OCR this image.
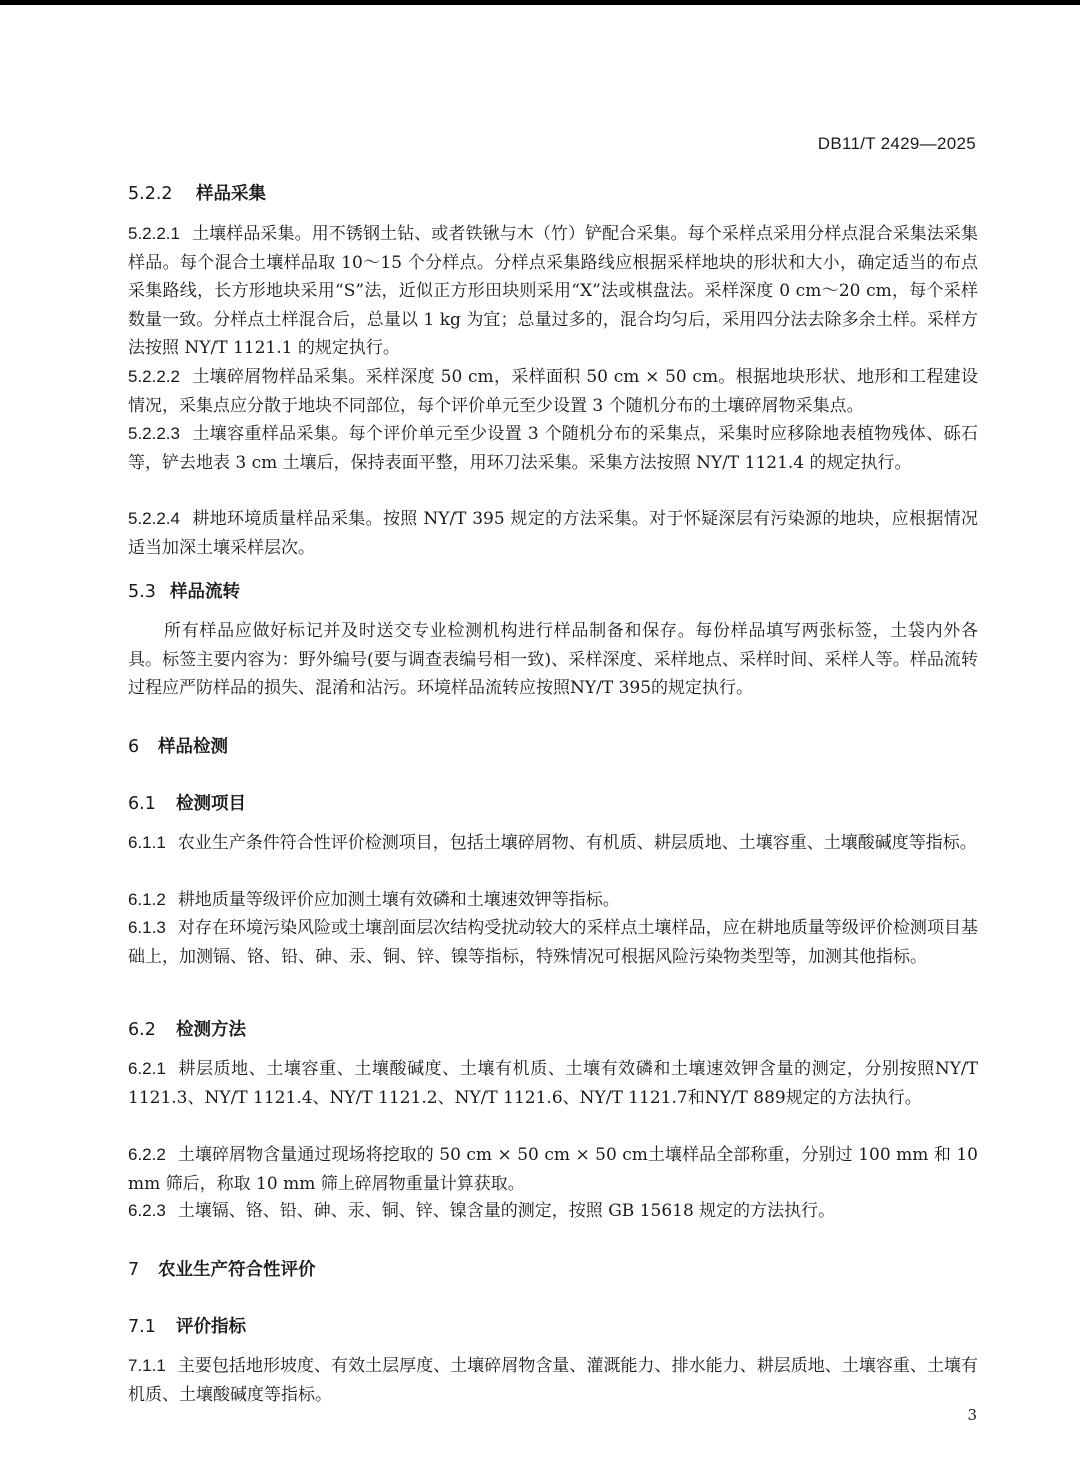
DB11/T 2429—2025
5.2.2 样品采集
5.2.2.1 土壤样品采集。用不锈钢土钻、或者铁锹与木（竹）铲配合采集。每个采样点采用分样点混合采集法采集样品。每个混合土壤样品取 10～15 个分样点。分样点采集路线应根据采样地块的形状和大小，确定适当的布点采集路线，长方形地块采用“S”法，近似正方形田块则采用“X”法或棋盘法。采样深度 0 cm～20 cm，每个采样数量一致。分样点土样混合后，总量以 1 kg 为宜；总量过多的，混合均匀后，采用四分法去除多余土样。采样方法按照 NY/T 1121.1 的规定执行。
5.2.2.2 土壤碎屑物样品采集。采样深度 50 cm，采样面积 50 cm × 50 cm。根据地块形状、地形和工程建设情况，采集点应分散于地块不同部位，每个评价单元至少设置 3 个随机分布的土壤碎屑物采集点。
5.2.2.3 土壤容重样品采集。每个评价单元至少设置 3 个随机分布的采集点，采集时应移除地表植物残体、砾石等，铲去地表 3 cm 土壤后，保持表面平整，用环刀法采集。采集方法按照 NY/T 1121.4 的规定执行。
5.2.2.4 耕地环境质量样品采集。按照 NY/T 395 规定的方法采集。对于怀疑深层有污染源的地块，应根据情况适当加深土壤采样层次。
5.3 样品流转
所有样品应做好标记并及时送交专业检测机构进行样品制备和保存。每份样品填写两张标签，土袋内外各具。标签主要内容为：野外编号(要与调查表编号相一致)、采样深度、采样地点、采样时间、采样人等。样品流转过程应严防样品的损失、混淆和沾污。环境样品流转应按照NY/T 395的规定执行。
6 样品检测
6.1 检测项目
6.1.1 农业生产条件符合性评价检测项目，包括土壤碎屑物、有机质、耕层质地、土壤容重、土壤酸碱度等指标。
6.1.2 耕地质量等级评价应加测土壤有效磷和土壤速效钾等指标。
6.1.3 对存在环境污染风险或土壤剖面层次结构受扰动较大的采样点土壤样品，应在耕地质量等级评价检测项目基础上，加测镉、铬、铅、砷、汞、铜、锌、镍等指标，特殊情况可根据风险污染物类型等，加测其他指标。
6.2 检测方法
6.2.1 耕层质地、土壤容重、土壤酸碱度、土壤有机质、土壤有效磷和土壤速效钾含量的测定，分别按照NY/T 1121.3、NY/T 1121.4、NY/T 1121.2、NY/T 1121.6、NY/T 1121.7和NY/T 889规定的方法执行。
6.2.2 土壤碎屑物含量通过现场将挖取的 50 cm × 50 cm × 50 cm土壤样品全部称重，分别过 100 mm 和 10 mm 筛后，称取 10 mm 筛上碎屑物重量计算获取。
6.2.3 土壤镉、铬、铅、砷、汞、铜、锌、镍含量的测定，按照 GB 15618 规定的方法执行。
7 农业生产符合性评价
7.1 评价指标
7.1.1 主要包括地形坡度、有效土层厚度、土壤碎屑物含量、灌溉能力、排水能力、耕层质地、土壤容重、土壤有机质、土壤酸碱度等指标。
3
